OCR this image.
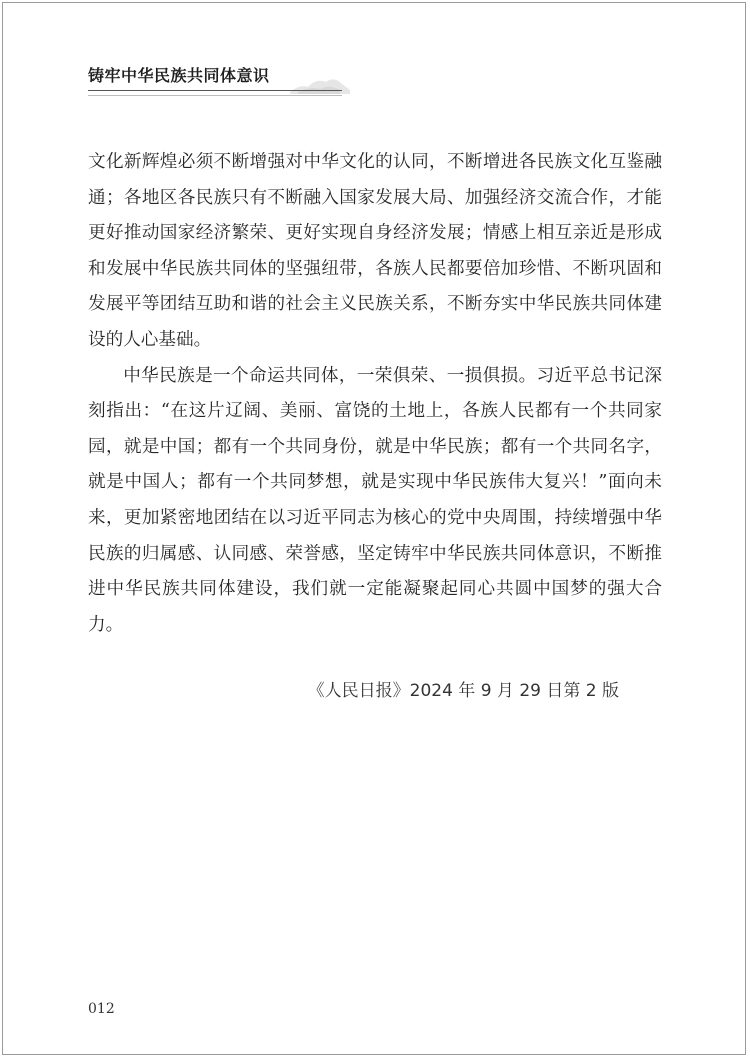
铸牢中华民族共同体意识

文化新辉煌必须不断增强对中华文化的认同，不断增进各民族文化互鉴融通；各地区各民族只有不断融入国家发展大局、加强经济交流合作，才能更好推动国家经济繁荣、更好实现自身经济发展；情感上相互亲近是形成和发展中华民族共同体的坚强纽带，各族人民都要倍加珍惜、不断巩固和发展平等团结互助和谐的社会主义民族关系，不断夯实中华民族共同体建设的人心基础。

中华民族是一个命运共同体，一荣俱荣、一损俱损。习近平总书记深刻指出：“在这片辽阔、美丽、富饶的土地上，各族人民都有一个共同家园，就是中国；都有一个共同身份，就是中华民族；都有一个共同名字，就是中国人；都有一个共同梦想，就是实现中华民族伟大复兴！”面向未来，更加紧密地团结在以习近平同志为核心的党中央周围，持续增强中华民族的归属感、认同感、荣誉感，坚定铸牢中华民族共同体意识，不断推进中华民族共同体建设，我们就一定能凝聚起同心共圆中国梦的强大合力。

《人民日报》2024 年 9 月 29 日第 2 版
012
